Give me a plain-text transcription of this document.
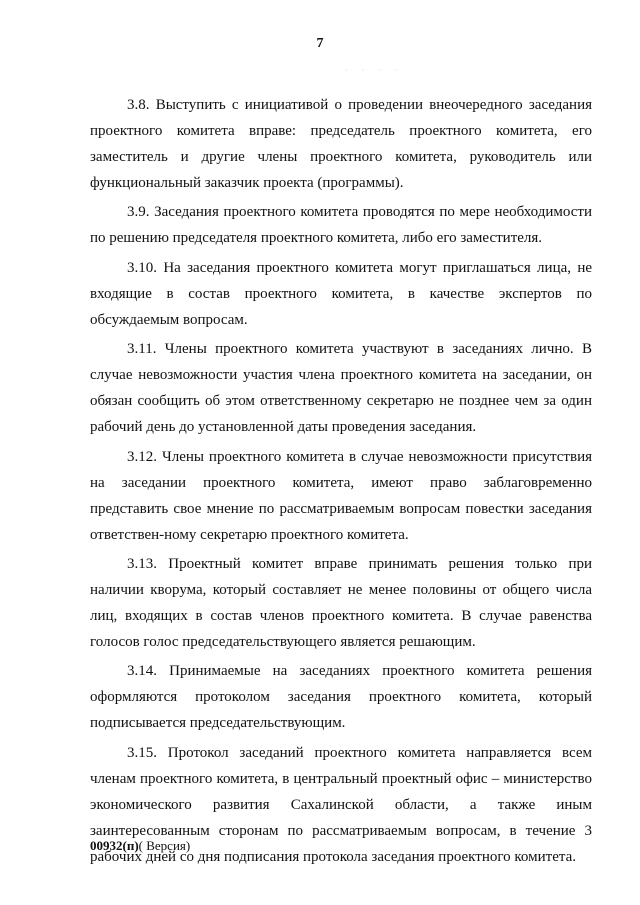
7
· · · ·

3.8. Выступить с инициативой о проведении внеочередного заседания проектного комитета вправе: председатель проектного комитета, его заместитель и другие члены проектного комитета, руководитель или функциональный заказчик проекта (программы).

3.9. Заседания проектного комитета проводятся по мере необходимости по решению председателя проектного комитета, либо его заместителя.

3.10. На заседания проектного комитета могут приглашаться лица, не входящие в состав проектного комитета, в качестве экспертов по обсуждаемым вопросам.

3.11. Члены проектного комитета участвуют в заседаниях лично. В случае невозможности участия члена проектного комитета на заседании, он обязан сообщить об этом ответственному секретарю не позднее чем за один рабочий день до установленной даты проведения заседания.

3.12. Члены проектного комитета в случае невозможности присутствия на заседании проектного комитета, имеют право заблаговременно представить свое мнение по рассматриваемым вопросам повестки заседания ответствен-ному секретарю проектного комитета.

3.13. Проектный комитет вправе принимать решения только при наличии кворума, который составляет не менее половины от общего числа лиц, входящих в состав членов проектного комитета. В случае равенства голосов голос председательствующего является решающим.

3.14. Принимаемые на заседаниях проектного комитета решения оформляются протоколом заседания проектного комитета, который подписывается председательствующим.

3.15. Протокол заседаний проектного комитета направляется всем членам проектного комитета, в центральный проектный офис – министерство экономического развития Сахалинской области, а также иным заинтересованным сторонам по рассматриваемым вопросам, в течение 3 рабочих дней со дня подписания протокола заседания проектного комитета.

00932(п)( Версия)
